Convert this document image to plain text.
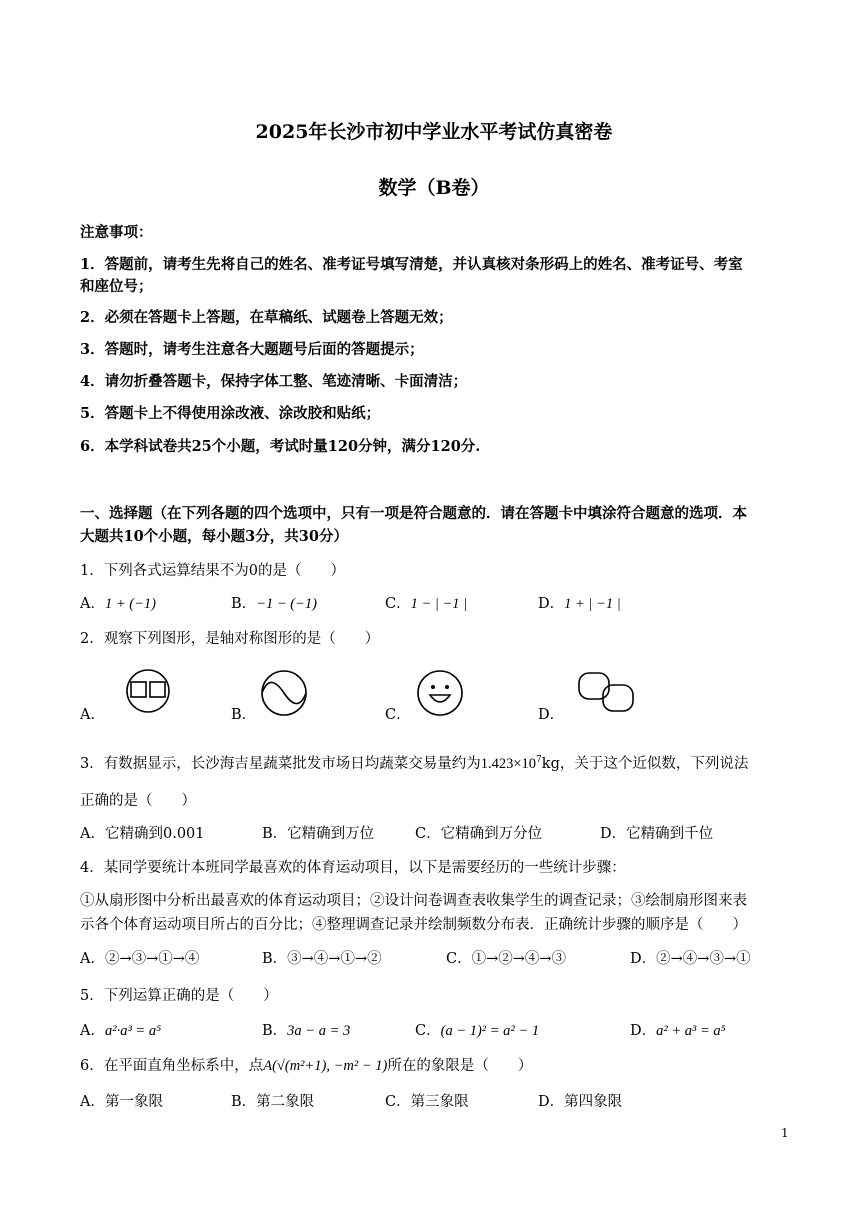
2025年长沙市初中学业水平考试仿真密卷
数学（B卷）
注意事项：
1．答题前，请考生先将自己的姓名、准考证号填写清楚，并认真核对条形码上的姓名、准考证号、考室
和座位号；
2．必须在答题卡上答题，在草稿纸、试题卷上答题无效；
3．答题时，请考生注意各大题题号后面的答题提示；
4．请勿折叠答题卡，保持字体工整、笔迹清晰、卡面清洁；
5．答题卡上不得使用涂改液、涂改胶和贴纸；
6．本学科试卷共25个小题，考试时量120分钟，满分120分.
一、选择题（在下列各题的四个选项中，只有一项是符合题意的．请在答题卡中填涂符合题意的选项．本
大题共10个小题，每小题3分，共30分）
1．下列各式运算结果不为0的是（　　）
A．1 + (−1)	B．−1 − (−1)	C．1 − | −1 |	D．1 + | −1 |
2．观察下列图形，是轴对称图形的是（　　）
A．	B．	C．	D．
3．有数据显示，长沙海吉星蔬菜批发市场日均蔬菜交易量约为$1.423\times 10^7kg$，关于这个近似数，下列说法
正确的是（　　）
A．它精确到0.001	B．它精确到万位	C．它精确到万分位	D．它精确到千位
4．某同学要统计本班同学最喜欢的体育运动项目，以下是需要经历的一些统计步骤：
①从扇形图中分析出最喜欢的体育运动项目；②设计问卷调查表收集学生的调查记录；③绘制扇形图来表
示各个体育运动项目所占的百分比；④整理调查记录并绘制频数分布表．正确统计步骤的顺序是（　　）
A．②→③→①→④	B．③→④→①→②	C．①→②→④→③	D．②→④→③→①
5．下列运算正确的是（　　）
A．a²·a³ = a⁵	B．3a − a = 3	C．(a − 1)² = a² − 1	D．a² + a³ = a⁵
6．在平面直角坐标系中，点A(√(m²+1), −m² − 1)所在的象限是（　　）
A．第一象限	B．第二象限	C．第三象限	D．第四象限
1
